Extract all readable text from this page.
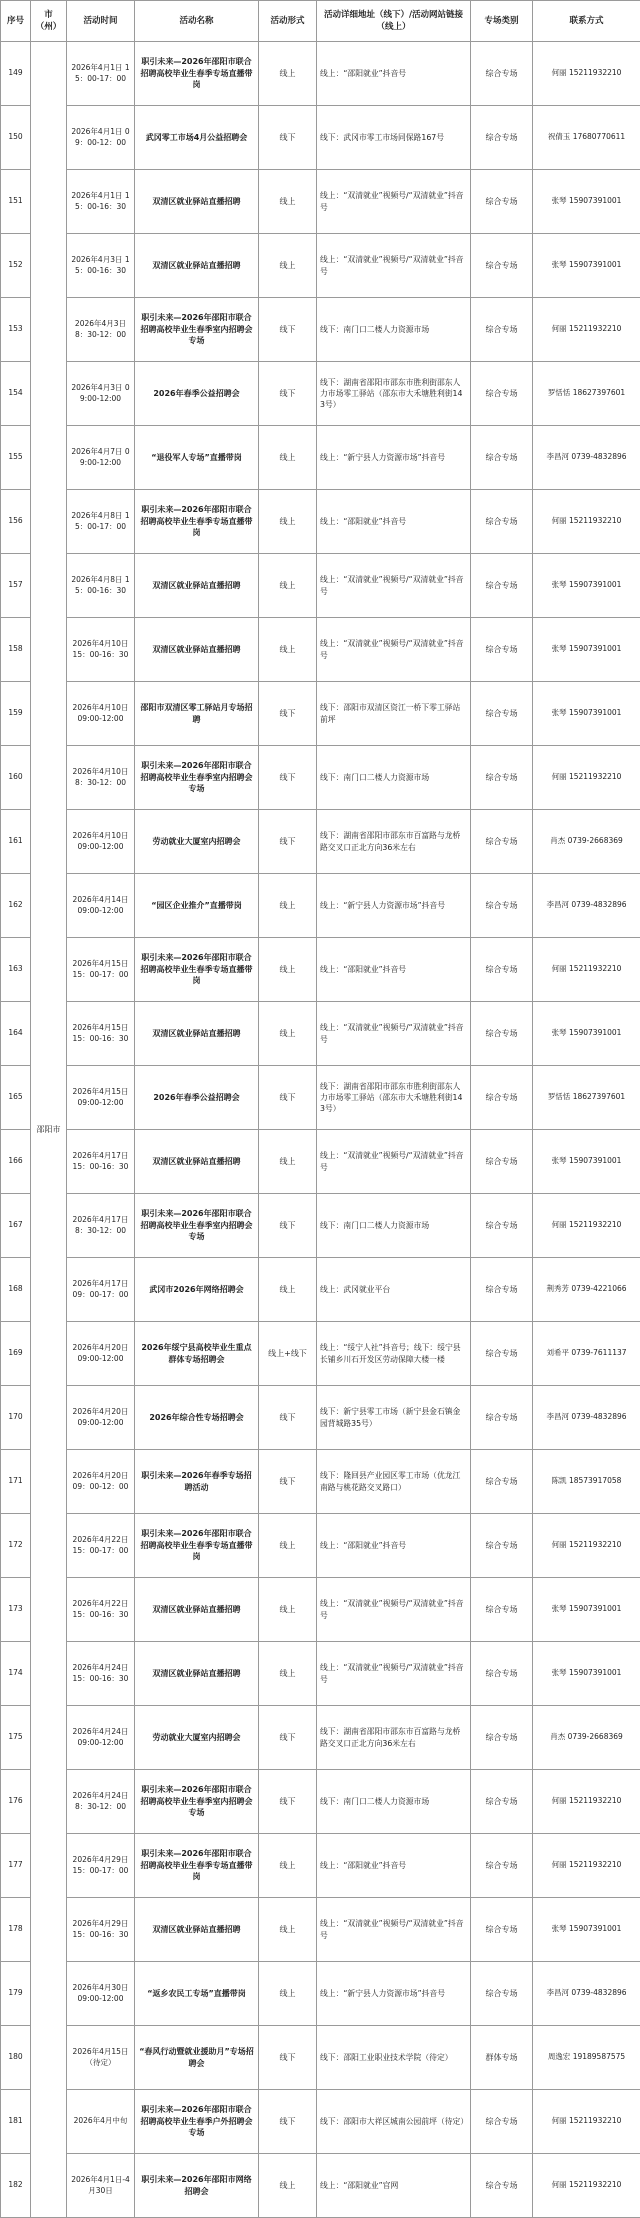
序号	市（州）	活动时间	活动名称	活动形式	活动详细地址（线下）/活动网站链接（线上）	专场类别	联系方式
149	邵阳市	2026年4月1日 15：00-17：00	职引未来—2026年邵阳市联合招聘高校毕业生春季专场直播带岗	线上	线上：“邵阳就业”抖音号	综合专场	何丽 15211932210
150		2026年4月1日 09：00-12：00	武冈零工市场4月公益招聘会	线下	线下：武冈市零工市场同保路167号	综合专场	祝倩玉 17680770611
151		2026年4月1日 15：00-16：30	双清区就业驿站直播招聘	线上	线上：“双清就业”视频号/“双清就业”抖音号	综合专场	张琴 15907391001
152		2026年4月3日 15：00-16：30	双清区就业驿站直播招聘	线上	线上：“双清就业”视频号/“双清就业”抖音号	综合专场	张琴 15907391001
153		2026年4月3日 8：30-12：00	职引未来—2026年邵阳市联合招聘高校毕业生春季室内招聘会专场	线下	线下：南门口二楼人力资源市场	综合专场	何丽 15211932210
154		2026年4月3日 09:00-12:00	2026年春季公益招聘会	线下	线下：湖南省邵阳市邵东市胜利街邵东人力市场零工驿站（邵东市大禾塘胜利街143号）	综合专场	罗恬恬 18627397601
155		2026年4月7日 09:00-12:00	“退役军人专场”直播带岗	线上	线上：“新宁县人力资源市场”抖音号	综合专场	李昌河 0739-4832896
156		2026年4月8日 15：00-17：00	职引未来—2026年邵阳市联合招聘高校毕业生春季专场直播带岗	线上	线上：“邵阳就业”抖音号	综合专场	何丽 15211932210
157		2026年4月8日 15：00-16：30	双清区就业驿站直播招聘	线上	线上：“双清就业”视频号/“双清就业”抖音号	综合专场	张琴 15907391001
158		2026年4月10日 15：00-16：30	双清区就业驿站直播招聘	线上	线上：“双清就业”视频号/“双清就业”抖音号	综合专场	张琴 15907391001
159		2026年4月10日 09:00-12:00	邵阳市双清区零工驿站月专场招聘	线下	线下：邵阳市双清区资江一桥下零工驿站前坪	综合专场	张琴 15907391001
160		2026年4月10日 8：30-12：00	职引未来—2026年邵阳市联合招聘高校毕业生春季室内招聘会专场	线下	线下：南门口二楼人力资源市场	综合专场	何丽 15211932210
161		2026年4月10日 09:00-12:00	劳动就业大厦室内招聘会	线下	线下：湖南省邵阳市邵东市百富路与龙桥路交叉口正北方向36米左右	综合专场	肖杰 0739-2668369
162		2026年4月14日 09:00-12:00	“园区企业推介”直播带岗	线上	线上：“新宁县人力资源市场”抖音号	综合专场	李昌河 0739-4832896
163		2026年4月15日 15：00-17：00	职引未来—2026年邵阳市联合招聘高校毕业生春季专场直播带岗	线上	线上：“邵阳就业”抖音号	综合专场	何丽 15211932210
164		2026年4月15日 15：00-16：30	双清区就业驿站直播招聘	线上	线上：“双清就业”视频号/“双清就业”抖音号	综合专场	张琴 15907391001
165		2026年4月15日 09:00-12:00	2026年春季公益招聘会	线下	线下：湖南省邵阳市邵东市胜利街邵东人力市场零工驿站（邵东市大禾塘胜利街143号）	综合专场	罗恬恬 18627397601
166		2026年4月17日 15：00-16：30	双清区就业驿站直播招聘	线上	线上：“双清就业”视频号/“双清就业”抖音号	综合专场	张琴 15907391001
167		2026年4月17日 8：30-12：00	职引未来—2026年邵阳市联合招聘高校毕业生春季室内招聘会专场	线下	线下：南门口二楼人力资源市场	综合专场	何丽 15211932210
168		2026年4月17日 09：00-17：00	武冈市2026年网络招聘会	线上	线上：武冈就业平台	综合专场	荆秀芳 0739-4221066
169		2026年4月20日 09:00-12:00	2026年绥宁县高校毕业生重点群体专场招聘会	线上+线下	线上：“绥宁人社”抖音号；线下：绥宁县长铺乡川石开发区劳动保障大楼一楼	综合专场	刘希平 0739-7611137
170		2026年4月20日 09:00-12:00	2026年综合性专场招聘会	线下	线下：新宁县零工市场（新宁县金石镇金园背城路35号）	综合专场	李昌河 0739-4832896
171		2026年4月20日 09：00-12：00	职引未来—2026年春季专场招聘活动	线下	线下：隆回县产业园区零工市场（优龙江南路与桃花路交叉路口）	综合专场	陈凯 18573917058
172		2026年4月22日 15：00-17：00	职引未来—2026年邵阳市联合招聘高校毕业生春季专场直播带岗	线上	线上：“邵阳就业”抖音号	综合专场	何丽 15211932210
173		2026年4月22日 15：00-16：30	双清区就业驿站直播招聘	线上	线上：“双清就业”视频号/“双清就业”抖音号	综合专场	张琴 15907391001
174		2026年4月24日 15：00-16：30	双清区就业驿站直播招聘	线上	线上：“双清就业”视频号/“双清就业”抖音号	综合专场	张琴 15907391001
175		2026年4月24日 09:00-12:00	劳动就业大厦室内招聘会	线下	线下：湖南省邵阳市邵东市百富路与龙桥路交叉口正北方向36米左右	综合专场	肖杰 0739-2668369
176		2026年4月24日 8：30-12：00	职引未来—2026年邵阳市联合招聘高校毕业生春季室内招聘会专场	线下	线下：南门口二楼人力资源市场	综合专场	何丽 15211932210
177		2026年4月29日 15：00-17：00	职引未来—2026年邵阳市联合招聘高校毕业生春季专场直播带岗	线上	线上：“邵阳就业”抖音号	综合专场	何丽 15211932210
178		2026年4月29日 15：00-16：30	双清区就业驿站直播招聘	线上	线上：“双清就业”视频号/“双清就业”抖音号	综合专场	张琴 15907391001
179		2026年4月30日 09:00-12:00	“返乡农民工专场”直播带岗	线上	线上：“新宁县人力资源市场”抖音号	综合专场	李昌河 0739-4832896
180		2026年4月15日 （待定）	“春风行动暨就业援助月”专场招聘会	线下	线下：邵阳工业职业技术学院（待定）	群体专场	周逸宏 19189587575
181		2026年4月中旬	职引未来—2026年邵阳市联合招聘高校毕业生春季户外招聘会专场	线下	线下：邵阳市大祥区城南公园前坪（待定）	综合专场	何丽 15211932210
182		2026年4月1日-4月30日	职引未来—2026年邵阳市网络招聘会	线上	线上：“邵阳就业”官网	综合专场	何丽 15211932210
